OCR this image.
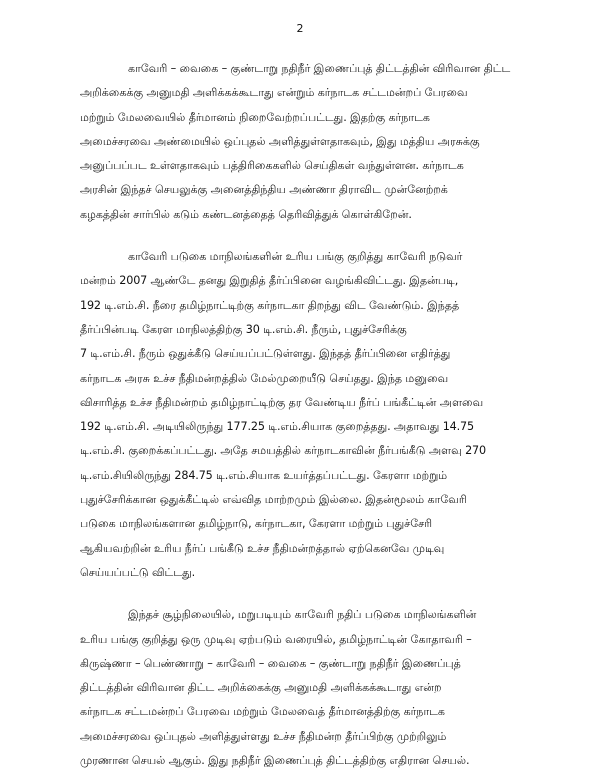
2
காவேரி – வைகை – குண்டாறு நதிநீர் இணைப்புத் திட்டத்தின் விரிவான திட்ட
அறிக்கைக்கு அனுமதி அளிக்கக்கூடாது என்றும் கர்நாடக சட்டமன்றப் பேரவை
மற்றும் மேலவையில் தீர்மானம் நிறைவேற்றப்பட்டது. இதற்கு கர்நாடக
அமைச்சரவை அண்மையில் ஒப்புதல் அளித்துள்ளதாகவும், இது மத்திய அரசுக்கு
அனுப்பப்பட உள்ளதாகவும் பத்திரிகைகளில் செய்திகள் வந்துள்ளன. கர்நாடக
அரசின் இந்தச் செயலுக்கு அனைத்திந்திய அண்ணா திராவிட முன்னேற்றக்
கழகத்தின் சார்பில் கடும் கண்டனத்தைத் தெரிவித்துக் கொள்கிறேன்.
காவேரி படுகை மாநிலங்களின் உரிய பங்கு குறித்து காவேரி நடுவர்
மன்றம் 2007 ஆண்டே தனது இறுதித் தீர்ப்பினை வழங்கிவிட்டது. இதன்படி,
192 டி.எம்.சி. நீரை தமிழ்நாட்டிற்கு கர்நாடகா திறந்து விட வேண்டும். இந்தத்
தீர்ப்பின்படி கேரள மாநிலத்திற்கு 30 டி.எம்.சி. நீரும், புதுச்சேரிக்கு
7 டி.எம்.சி. நீரும் ஒதுக்கீடு செய்யப்பட்டுள்ளது. இந்தத் தீர்ப்பினை எதிர்த்து
கர்நாடக அரசு உச்ச நீதிமன்றத்தில் மேல்முறையீடு செய்தது. இந்த மனுவை
விசாரித்த உச்ச நீதிமன்றம் தமிழ்நாட்டிற்கு தர வேண்டிய நீர்ப் பங்கீட்டின் அளவை
192 டி.எம்.சி. அடியிலிருந்து 177.25 டி.எம்.சியாக குறைத்தது. அதாவது 14.75
டி.எம்.சி. குறைக்கப்பட்டது. அதே சமயத்தில் கர்நாடகாவின் நீர்பங்கீடு அளவு 270
டி.எம்.சியிலிருந்து 284.75 டி.எம்.சியாக உயர்த்தப்பட்டது. கேரளா மற்றும்
புதுச்சேரிக்கான ஒதுக்கீட்டில் எவ்வித மாற்றமும் இல்லை. இதன்மூலம் காவேரி
படுகை மாநிலங்களான தமிழ்நாடு, கர்நாடகா, கேரளா மற்றும் புதுச்சேரி
ஆகியவற்றின் உரிய நீர்ப் பங்கீடு உச்ச நீதிமன்றத்தால் ஏற்கெனவே முடிவு
செய்யப்பட்டு விட்டது.
இந்தச் சூழ்நிலையில், மறுபடியும் காவேரி நதிப் படுகை மாநிலங்களின்
உரிய பங்கு குறித்து ஒரு முடிவு ஏற்படும் வரையில், தமிழ்நாட்டின் கோதாவரி –
கிருஷ்ணா – பெண்ணாறு – காவேரி – வைகை – குண்டாறு நதிநீர் இணைப்புத்
திட்டத்தின் விரிவான திட்ட அறிக்கைக்கு அனுமதி அளிக்கக்கூடாது என்ற
கர்நாடக சட்டமன்றப் பேரவை மற்றும் மேலவைத் தீர்மானத்திற்கு கர்நாடக
அமைச்சரவை ஒப்புதல் அளித்துள்ளது உச்ச நீதிமன்ற தீர்ப்பிற்கு முற்றிலும்
முரணான செயல் ஆகும். இது நதிநீர் இணைப்புத் திட்டத்திற்கு எதிரான செயல்.
